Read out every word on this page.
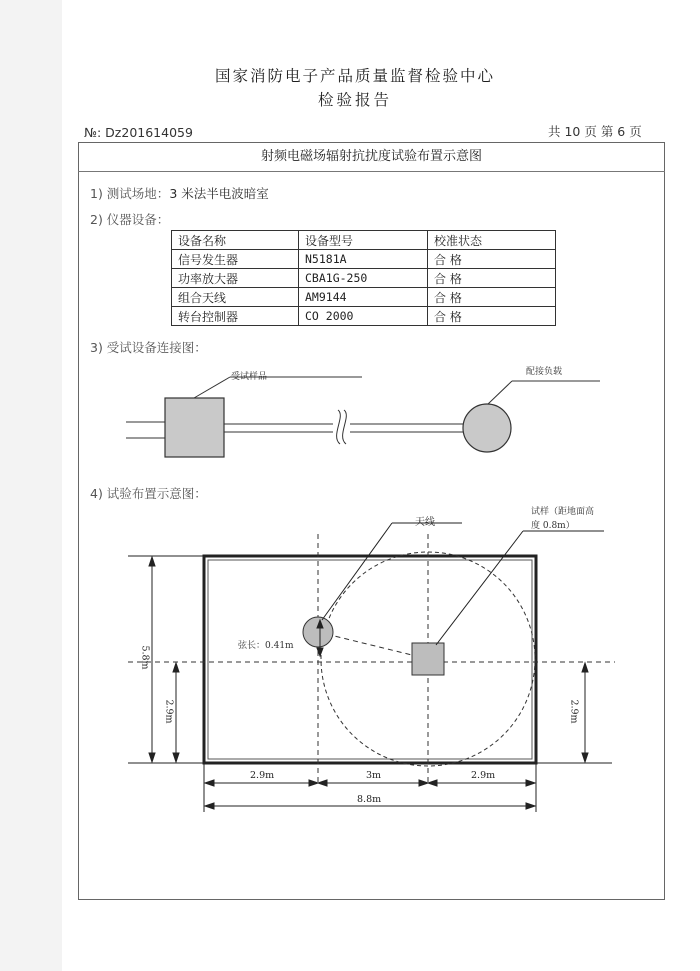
国家消防电子产品质量监督检验中心
检验报告
№: Dz201614059	共 10 页 第 6 页
射频电磁场辐射抗扰度试验布置示意图
1) 测试场地：3 米法半电波暗室
2) 仪器设备：
设备名称	设备型号	校准状态
信号发生器	N5181A	合 格
功率放大器	CBA1G-250	合 格
组合天线	AM9144	合 格
转台控制器	CO 2000	合 格
3) 受试设备连接图：
受试样品	配接负载
4) 试验布置示意图：
天线
试样（距地面高
度 0.8m）
弦长：0.41m
5.8m
2.9m	2.9m
2.9m	3m	2.9m
8.8m
